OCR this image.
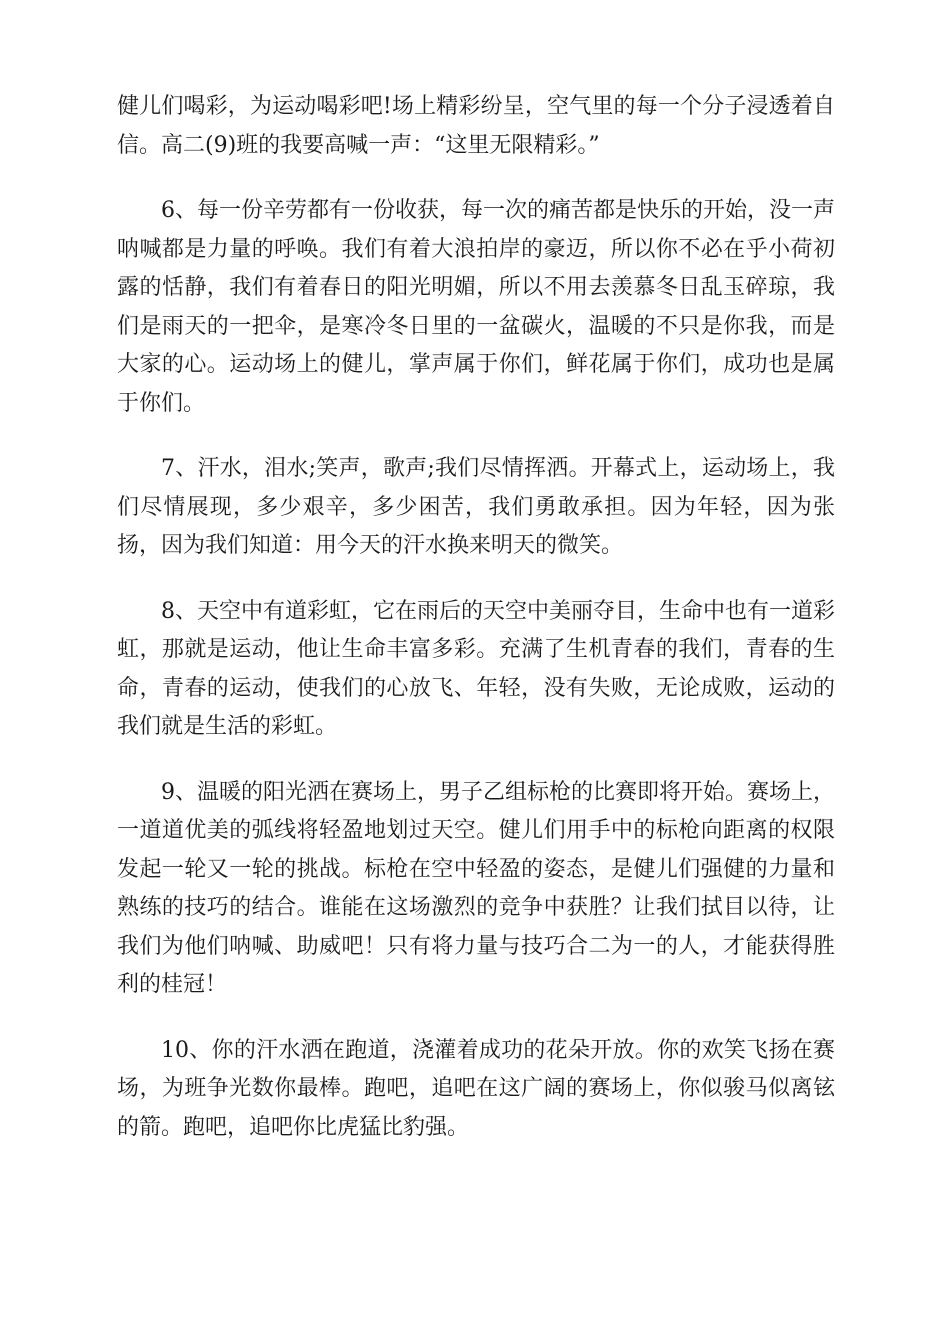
健儿们喝彩，为运动喝彩吧!场上精彩纷呈，空气里的每一个分子浸透着自信。高二(9)班的我要高喊一声：“这里无限精彩。”

6、每一份辛劳都有一份收获，每一次的痛苦都是快乐的开始，没一声呐喊都是力量的呼唤。我们有着大浪拍岸的豪迈，所以你不必在乎小荷初露的恬静，我们有着春日的阳光明媚，所以不用去羡慕冬日乱玉碎琼，我们是雨天的一把伞，是寒冷冬日里的一盆碳火，温暖的不只是你我，而是大家的心。运动场上的健儿，掌声属于你们，鲜花属于你们，成功也是属于你们。

7、汗水，泪水;笑声，歌声;我们尽情挥洒。开幕式上，运动场上，我们尽情展现，多少艰辛，多少困苦，我们勇敢承担。因为年轻，因为张扬，因为我们知道：用今天的汗水换来明天的微笑。

8、天空中有道彩虹，它在雨后的天空中美丽夺目，生命中也有一道彩虹，那就是运动，他让生命丰富多彩。充满了生机青春的我们，青春的生命，青春的运动，使我们的心放飞、年轻，没有失败，无论成败，运动的我们就是生活的彩虹。

9、温暖的阳光洒在赛场上，男子乙组标枪的比赛即将开始。赛场上，一道道优美的弧线将轻盈地划过天空。健儿们用手中的标枪向距离的权限发起一轮又一轮的挑战。标枪在空中轻盈的姿态，是健儿们强健的力量和熟练的技巧的结合。谁能在这场激烈的竞争中获胜？让我们拭目以待，让我们为他们呐喊、助威吧！只有将力量与技巧合二为一的人，才能获得胜利的桂冠！

10、你的汗水洒在跑道，浇灌着成功的花朵开放。你的欢笑飞扬在赛场，为班争光数你最棒。跑吧，追吧在这广阔的赛场上，你似骏马似离铉的箭。跑吧，追吧你比虎猛比豹强。
